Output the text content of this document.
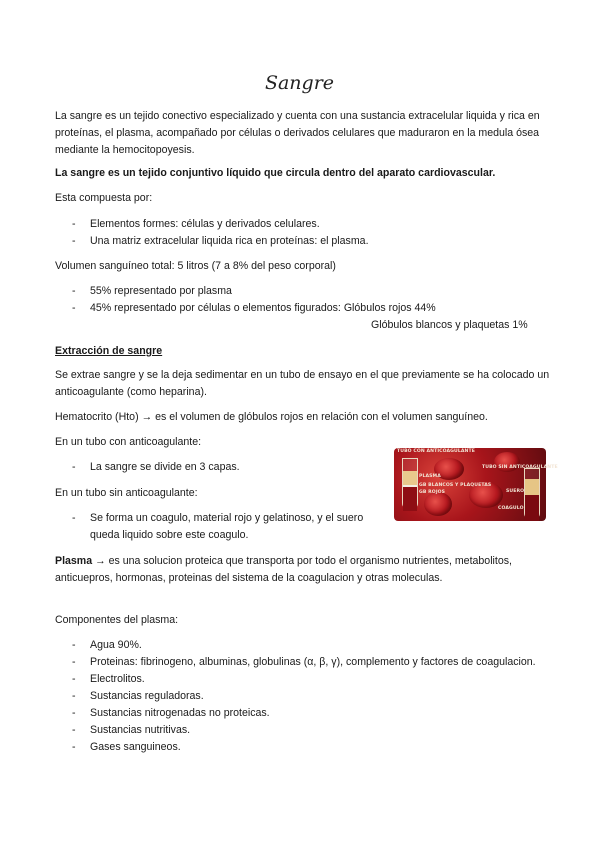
Sangre

La sangre es un tejido conectivo especializado y cuenta con una sustancia extracelular liquida y rica en proteínas, el plasma, acompañado por células o derivados celulares que maduraron en la medula ósea mediante la hemocitopoyesis.

La sangre es un tejido conjuntivo líquido que circula dentro del aparato cardiovascular.

Esta compuesta por:

- Elementos formes: células y derivados celulares.
- Una matriz extracelular liquida rica en proteínas: el plasma.

Volumen sanguíneo total: 5 litros (7 a 8% del peso corporal)

- 55% representado por plasma
- 45% representado por células o elementos figurados: Glóbulos rojos 44%
Glóbulos blancos y plaquetas 1%

Extracción de sangre

Se extrae sangre y se la deja sedimentar en un tubo de ensayo en el que previamente se ha colocado un anticoagulante (como heparina).

Hematocrito (Hto) → es el volumen de glóbulos rojos en relación con el volumen sanguíneo.

En un tubo con anticoagulante:

- La sangre se divide en 3 capas.

En un tubo sin anticoagulante:

- Se forma un coagulo, material rojo y gelatinoso, y el suero queda liquido sobre este coagulo.
TUBO CON ANTICOAGULANTE
TUBO SIN ANTICOAGULANTE
PLASMA
GB BLANCOS Y PLAQUETAS
GB ROJOS	SUERO
COAGULO

Plasma → es una solucion proteica que transporta por todo el organismo nutrientes, metabolitos, anticuepros, hormonas, proteinas del sistema de la coagulacion y otras moleculas.

Componentes del plasma:

- Agua 90%.
- Proteinas: fibrinogeno, albuminas, globulinas (α, β, γ), complemento y factores de coagulacion.
- Electrolitos.
- Sustancias reguladoras.
- Sustancias nitrogenadas no proteicas.
- Sustancias nutritivas.
- Gases sanguineos.
